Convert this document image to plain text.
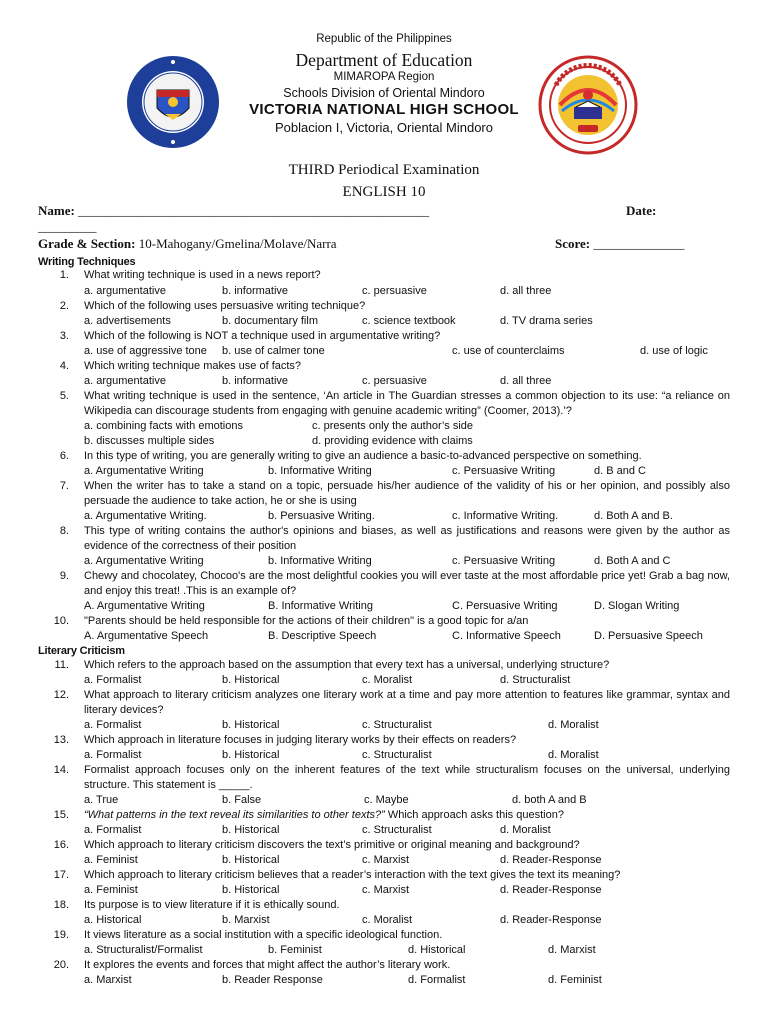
Republic of the Philippines
Department of Education
MIMAROPA Region
Schools Division of Oriental Mindoro
VICTORIA NATIONAL HIGH SCHOOL
Poblacion I, Victoria, Oriental Mindoro
THIRD Periodical Examination
ENGLISH 10
Name: ______________________________________________________	Date:
_________
Grade & Section: 10-Mahogany/Gmelina/Molave/Narra	Score: ______________
Writing Techniques
1. What writing technique is used in a news report?
a. argumentative	b. informative	c. persuasive	d. all three
2. Which of the following uses persuasive writing technique?
a. advertisements	b. documentary film	c. science textbook	d. TV drama series
3. Which of the following is NOT a technique used in argumentative writing?
a. use of aggressive tone b. use of calmer tone	c. use of counterclaims	d. use of logic
4. Which writing technique makes use of facts?
a. argumentative	b. informative	c. persuasive	d. all three
5. What writing technique is used in the sentence, ‘An article in The Guardian stresses a common objection to its use: “a reliance on Wikipedia can discourage students from engaging with genuine academic writing” (Coomer, 2013).’?
a. combining facts with emotions	c. presents only the author’s side
b. discusses multiple sides	d. providing evidence with claims
6. In this type of writing, you are generally writing to give an audience a basic-to-advanced perspective on something.
a. Argumentative Writing	b. Informative Writing	c. Persuasive Writing	d. B and C
7. When the writer has to take a stand on a topic, persuade his/her audience of the validity of his or her opinion, and possibly also persuade the audience to take action, he or she is using
a. Argumentative Writing.	b. Persuasive Writing.	c. Informative Writing.	d. Both A and B.
8. This type of writing contains the author's opinions and biases, as well as justifications and reasons were given by the author as evidence of the correctness of their position
a. Argumentative Writing	b. Informative Writing	c. Persuasive Writing	d. Both A and C
9. Chewy and chocolatey, Chocoo's are the most delightful cookies you will ever taste at the most affordable price yet! Grab a bag now, and enjoy this treat! .This is an example of?
A. Argumentative Writing	B. Informative Writing	C. Persuasive Writing	D. Slogan Writing
10. "Parents should be held responsible for the actions of their children" is a good topic for a/an
A. Argumentative Speech	B. Descriptive Speech	C. Informative Speech	D. Persuasive Speech
Literary Criticism
11. Which refers to the approach based on the assumption that every text has a universal, underlying structure?
a. Formalist	b. Historical	c. Moralist	d. Structuralist
12. What approach to literary criticism analyzes one literary work at a time and pay more attention to features like grammar, syntax and literary devices?
a. Formalist	b. Historical	c. Structuralist	d. Moralist
13. Which approach in literature focuses in judging literary works by their effects on readers?
a. Formalist	b. Historical	c. Structuralist	d. Moralist
14. Formalist approach focuses only on the inherent features of the text while structuralism focuses on the universal, underlying structure. This statement is _____.
a. True	b. False	c. Maybe	d. both A and B
15. “What patterns in the text reveal its similarities to other texts?” Which approach asks this question?
a. Formalist	b. Historical	c. Structuralist	d. Moralist
16. Which approach to literary criticism discovers the text’s primitive or original meaning and background?
a. Feminist	b. Historical	c. Marxist	d. Reader-Response
17. Which approach to literary criticism believes that a reader’s interaction with the text gives the text its meaning?
a. Feminist	b. Historical	c. Marxist	d. Reader-Response
18. Its purpose is to view literature if it is ethically sound.
a. Historical	b. Marxist	c. Moralist	d. Reader-Response
19. It views literature as a social institution with a specific ideological function.
a. Structuralist/Formalist	b. Feminist	d. Historical	d. Marxist
20. It explores the events and forces that might affect the author’s literary work.
a. Marxist	b. Reader Response	d. Formalist	d. Feminist
